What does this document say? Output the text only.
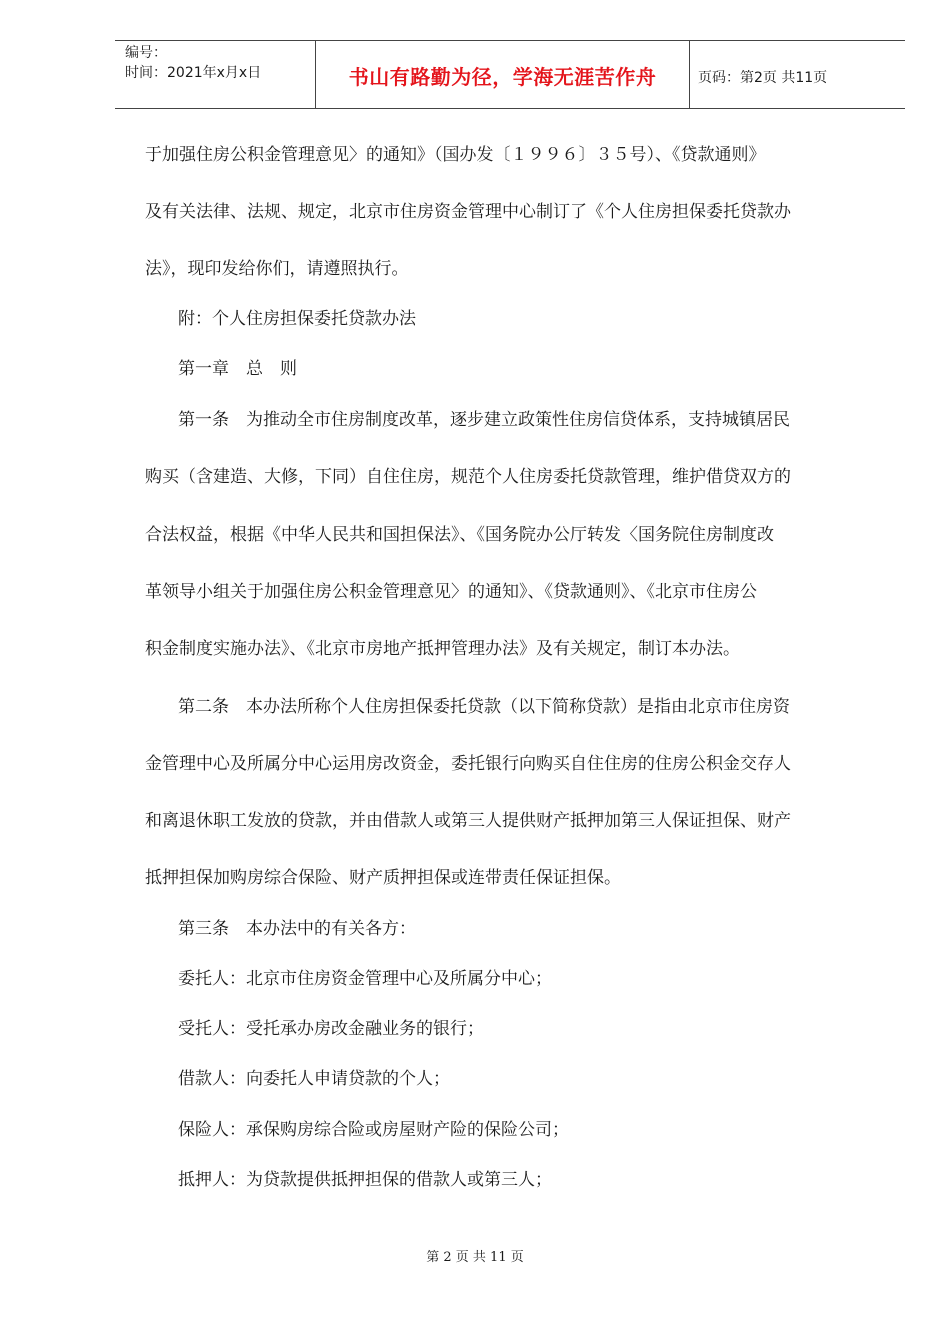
编号：
时间：2021年x月x日	书山有路勤为径，学海无涯苦作舟	页码：第2页 共11页
于加强住房公积金管理意见〉的通知》（国办发〔１９９６〕３５号）、《贷款通则》
及有关法律、法规、规定，北京市住房资金管理中心制订了《个人住房担保委托贷款办
法》，现印发给你们，请遵照执行。
附：个人住房担保委托贷款办法
第一章　总　则
第一条　为推动全市住房制度改革，逐步建立政策性住房信贷体系，支持城镇居民
购买（含建造、大修，下同）自住住房，规范个人住房委托贷款管理，维护借贷双方的
合法权益，根据《中华人民共和国担保法》、《国务院办公厅转发〈国务院住房制度改
革领导小组关于加强住房公积金管理意见〉的通知》、《贷款通则》、《北京市住房公
积金制度实施办法》、《北京市房地产抵押管理办法》及有关规定，制订本办法。
第二条　本办法所称个人住房担保委托贷款（以下简称贷款）是指由北京市住房资
金管理中心及所属分中心运用房改资金，委托银行向购买自住住房的住房公积金交存人
和离退休职工发放的贷款，并由借款人或第三人提供财产抵押加第三人保证担保、财产
抵押担保加购房综合保险、财产质押担保或连带责任保证担保。
第三条　本办法中的有关各方：
委托人：北京市住房资金管理中心及所属分中心；
受托人：受托承办房改金融业务的银行；
借款人：向委托人申请贷款的个人；
保险人：承保购房综合险或房屋财产险的保险公司；
抵押人：为贷款提供抵押担保的借款人或第三人；
第 2 页 共 11 页
